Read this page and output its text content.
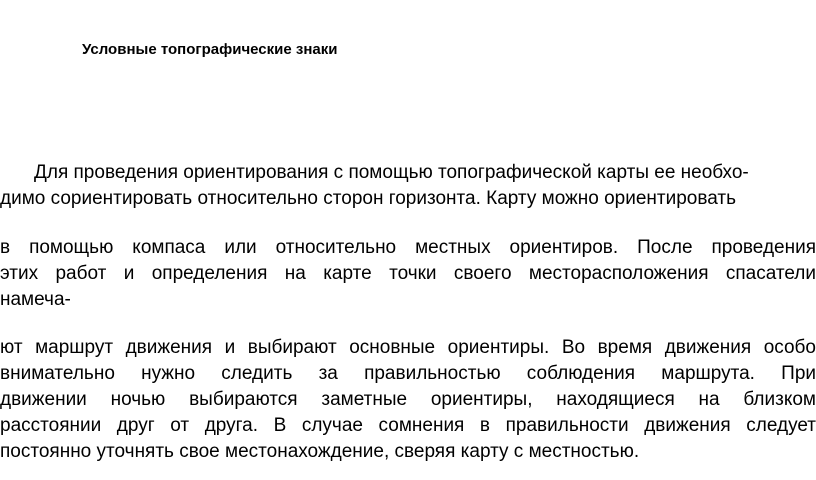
Условные топографические знаки
Для проведения ориентирования с помощью топографической карты ее необхо-
димо сориентировать относительно сторон горизонта. Карту можно ориентировать
в помощью компаса или относительно местных ориентиров. После проведения
этих работ и определения на карте точки своего месторасположения спасатели
намеча-
ют маршрут движения и выбирают основные ориентиры. Во время движения особо
внимательно нужно следить за правильностью соблюдения маршрута. При
движении ночью выбираются заметные ориентиры, находящиеся на близком
расстоянии друг от друга. В случае сомнения в правильности движения следует
постоянно уточнять свое местонахождение, сверяя карту с местностью.
